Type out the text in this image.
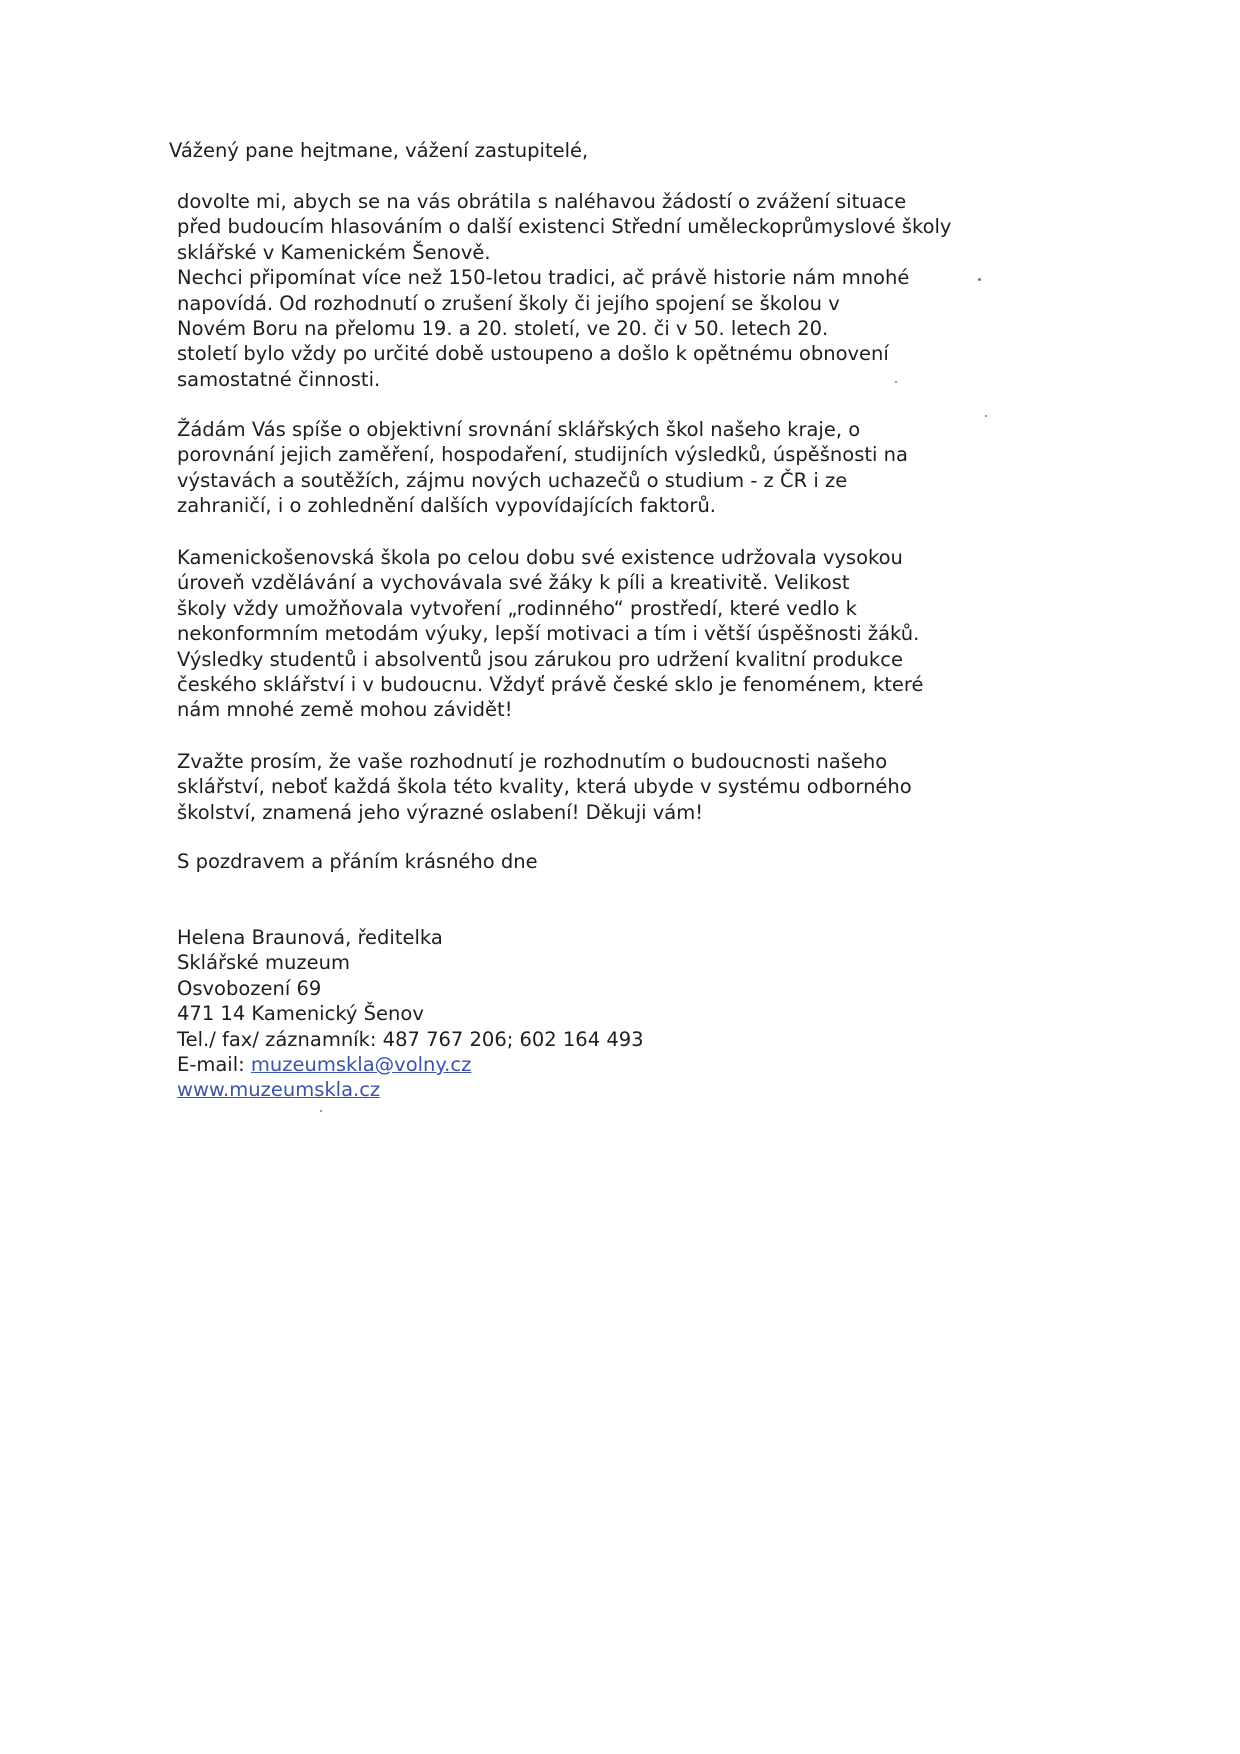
Vážený pane hejtmane, vážení zastupitelé,
dovolte mi, abych se na vás obrátila s naléhavou žádostí o zvážení situace
před budoucím hlasováním o další existenci Střední uměleckoprůmyslové školy
sklářské v Kamenickém Šenově.
Nechci připomínat více než 150-letou tradici, ač právě historie nám mnohé
napovídá. Od rozhodnutí o zrušení školy či jejího spojení se školou v
Novém Boru na přelomu 19. a 20. století, ve 20. či v 50. letech 20.
století bylo vždy po určité době ustoupeno a došlo k opětnému obnovení
samostatné činnosti.
Žádám Vás spíše o objektivní srovnání sklářských škol našeho kraje, o
porovnání jejich zaměření, hospodaření, studijních výsledků, úspěšnosti na
výstavách a soutěžích, zájmu nových uchazečů o studium - z ČR i ze
zahraničí, i o zohlednění dalších vypovídajících faktorů.
Kamenickošenovská škola po celou dobu své existence udržovala vysokou
úroveň vzdělávání a vychovávala své žáky k píli a kreativitě. Velikost
školy vždy umožňovala vytvoření „rodinného“ prostředí, které vedlo k
nekonformním metodám výuky, lepší motivaci a tím i větší úspěšnosti žáků.
Výsledky studentů i absolventů jsou zárukou pro udržení kvalitní produkce
českého sklářství i v budoucnu. Vždyť právě české sklo je fenoménem, které
nám mnohé země mohou závidět!
Zvažte prosím, že vaše rozhodnutí je rozhodnutím o budoucnosti našeho
sklářství, neboť každá škola této kvality, která ubyde v systému odborného
školství, znamená jeho výrazné oslabení! Děkuji vám!
S pozdravem a přáním krásného dne
Helena Braunová, ředitelka
Sklářské muzeum
Osvobození 69
471 14 Kamenický Šenov
Tel./ fax/ záznamník: 487 767 206; 602 164 493
E-mail: muzeumskla@volny.cz
www.muzeumskla.cz
